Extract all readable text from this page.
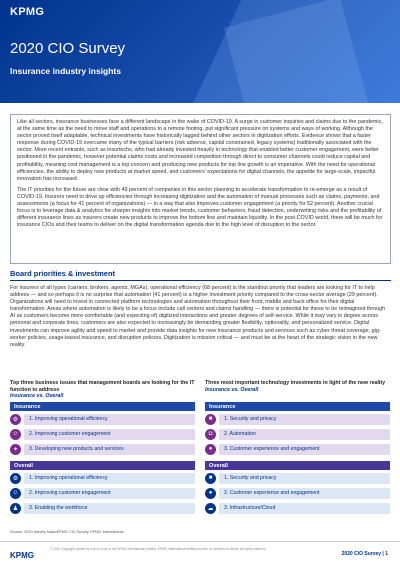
KPMG
2020 CIO Survey
Insurance industry insights

Like all sectors, insurance businesses face a different landscape in the wake of COVID-19. A surge in customer inquiries and claims due to the pandemic, at the same time as the need to move staff and operations to a remote footing, put significant pressure on systems and ways of working. Although the sector proved itself adaptable, technical investments have historically lagged behind other sectors in digitization efforts. Evidence shows that a faster response during COVID-19 overcame many of the typical barriers (risk adverse, capital constrained, legacy systems) traditionally associated with the sector. More recent entrants, such as insurtechs, who had already invested heavily in technology that enabled better customer engagement, were better positioned in the pandemic, however potential claims costs and increased competition through direct to consumer channels could reduce capital and profitability, meaning cost management is a top concern and producing new products for top line growth is an imperative. With the need for operational efficiencies, the ability to deploy new products at market speed, and customers' expectations for digital channels, the appetite for large-scale, impactful innovation has increased.

The IT priorities for the future are clear with 49 percent of companies in this sector planning to accelerate transformation to re-emerge as a result of COVID-19. Insurers need to drive up efficiencies through increasing digitization and the automation of manual processes such as claims, payments, and assessments (a focus for 41 percent of organizations) — in a way that also improves customer engagement (a priority for 52 percent). Another crucial focus is to leverage data & analytics for sharper insights into market trends, customer behaviors, fraud detection, underwriting risks and the profitability of different insurance lines as insurers create new products to improve the bottom line and maintain liquidity. In the post-COVID world, there will be much for insurance CIOs and their teams to deliver on the digital transformation agenda due to the high level of disruption to the sector.

Board priorities & investment
For insurers of all types (carriers, brokers, agents, MGAs), operational efficiency (68 percent) is the standout priority that leaders are looking for IT to help address — and so perhaps it is no surprise that automation (41 percent) is a higher investment priority compared to the cross-sector average (29 percent). Organizations will need to invest in connected platform technologies and automation throughout their front, middle and back office for their digital transformation. Areas where automation is likely to be a focus include call centers and claims handling — there is potential for these to be reimagined through AI as customers become more comfortable (and expecting of) digitized interactions and greater degrees of self-service. While it may vary in degree across personal and corporate lines, customers are also expected to increasingly be demanding greater flexibility, optionality, and personalized service. Digital investments can improve agility and speed to market and provide data insights for new insurance products and services such as cyber threat coverage, gig-worker policies, usage-based insurance, and disruption policies. Digitization is mission critical — and must be at the heart of the strategic vision in the new reality.
Top three business issues that management boards are looking for the IT function to address
Insurance vs. Overall
Insurance
⚙	1. Improving operational efficiency
☺	2. Improving customer engagement
✦	3. Developing new products and services
Overall
⚙	1. Improving operational efficiency
☺	2. Improving customer engagement
♟	3. Enabling the workforce
Three most important technology investments in light of the new reality
Insurance vs. Overall
Insurance
■	1. Security and privacy
◘	2. Automation
●	3. Customer experience and engagement
Overall
■	1. Security and privacy
●	2. Customer experience and engagement
☁	3. Infrastructure/Cloud
Source: 2020 Harvey Nash/KPMG CIO Survey, KPMG International
KPMG
© 2020 Copyright owned by one or more of the KPMG International entities. KPMG International entities provide no services to clients. All rights reserved.
2020 CIO Survey | 1
